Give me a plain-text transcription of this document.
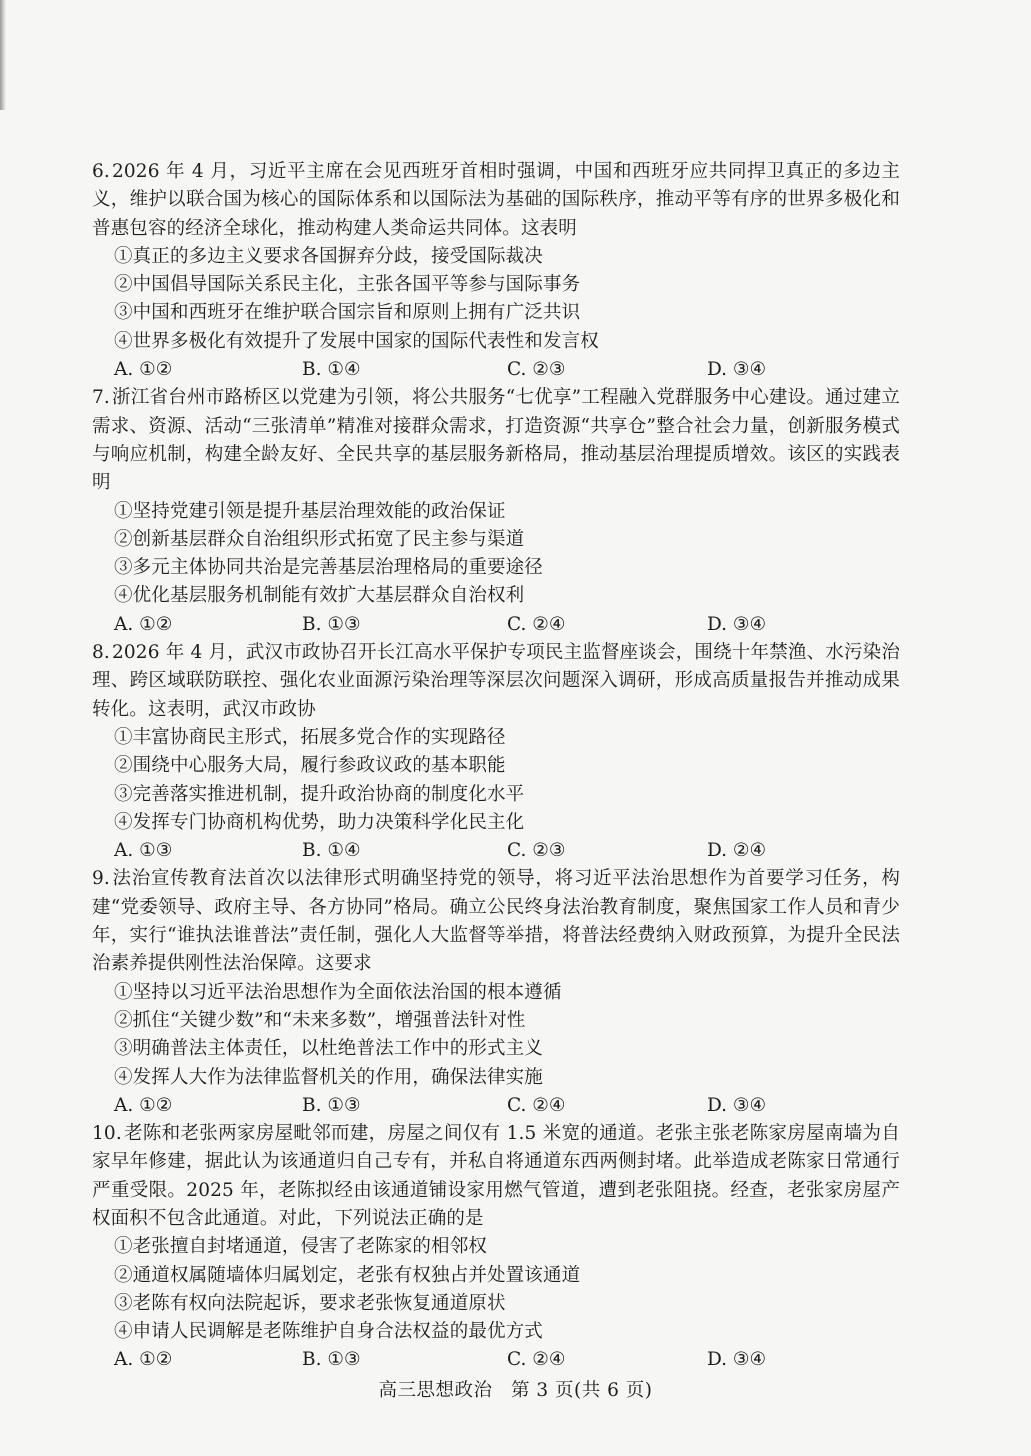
6. 2026 年 4 月，习近平主席在会见西班牙首相时强调，中国和西班牙应共同捍卫真正的多边主义，维护以联合国为核心的国际体系和以国际法为基础的国际秩序，推动平等有序的世界多极化和普惠包容的经济全球化，推动构建人类命运共同体。这表明

①真正的多边主义要求各国摒弃分歧，接受国际裁决
②中国倡导国际关系民主化，主张各国平等参与国际事务
③中国和西班牙在维护联合国宗旨和原则上拥有广泛共识
④世界多极化有效提升了发展中国家的国际代表性和发言权
A. ①②	B. ①④	C. ②③	D. ③④

7. 浙江省台州市路桥区以党建为引领，将公共服务“七优享”工程融入党群服务中心建设。通过建立需求、资源、活动“三张清单”精准对接群众需求，打造资源“共享仓”整合社会力量，创新服务模式与响应机制，构建全龄友好、全民共享的基层服务新格局，推动基层治理提质增效。该区的实践表明

①坚持党建引领是提升基层治理效能的政治保证
②创新基层群众自治组织形式拓宽了民主参与渠道
③多元主体协同共治是完善基层治理格局的重要途径
④优化基层服务机制能有效扩大基层群众自治权利
A. ①②	B. ①③	C. ②④	D. ③④

8. 2026 年 4 月，武汉市政协召开长江高水平保护专项民主监督座谈会，围绕十年禁渔、水污染治理、跨区域联防联控、强化农业面源污染治理等深层次问题深入调研，形成高质量报告并推动成果转化。这表明，武汉市政协

①丰富协商民主形式，拓展多党合作的实现路径
②围绕中心服务大局，履行参政议政的基本职能
③完善落实推进机制，提升政治协商的制度化水平
④发挥专门协商机构优势，助力决策科学化民主化
A. ①③	B. ①④	C. ②③	D. ②④

9. 法治宣传教育法首次以法律形式明确坚持党的领导，将习近平法治思想作为首要学习任务，构建“党委领导、政府主导、各方协同”格局。确立公民终身法治教育制度，聚焦国家工作人员和青少年，实行“谁执法谁普法”责任制，强化人大监督等举措，将普法经费纳入财政预算，为提升全民法治素养提供刚性法治保障。这要求

①坚持以习近平法治思想作为全面依法治国的根本遵循
②抓住“关键少数”和“未来多数”，增强普法针对性
③明确普法主体责任，以杜绝普法工作中的形式主义
④发挥人大作为法律监督机关的作用，确保法律实施
A. ①②	B. ①③	C. ②④	D. ③④

10. 老陈和老张两家房屋毗邻而建，房屋之间仅有 1.5 米宽的通道。老张主张老陈家房屋南墙为自家早年修建，据此认为该通道归自己专有，并私自将通道东西两侧封堵。此举造成老陈家日常通行严重受限。2025 年，老陈拟经由该通道铺设家用燃气管道，遭到老张阻挠。经查，老张家房屋产权面积不包含此通道。对此，下列说法正确的是

①老张擅自封堵通道，侵害了老陈家的相邻权
②通道权属随墙体归属划定，老张有权独占并处置该通道
③老陈有权向法院起诉，要求老张恢复通道原状
④申请人民调解是老陈维护自身合法权益的最优方式
A. ①②	B. ①③	C. ②④	D. ③④
高三思想政治 第 3 页(共 6 页)
